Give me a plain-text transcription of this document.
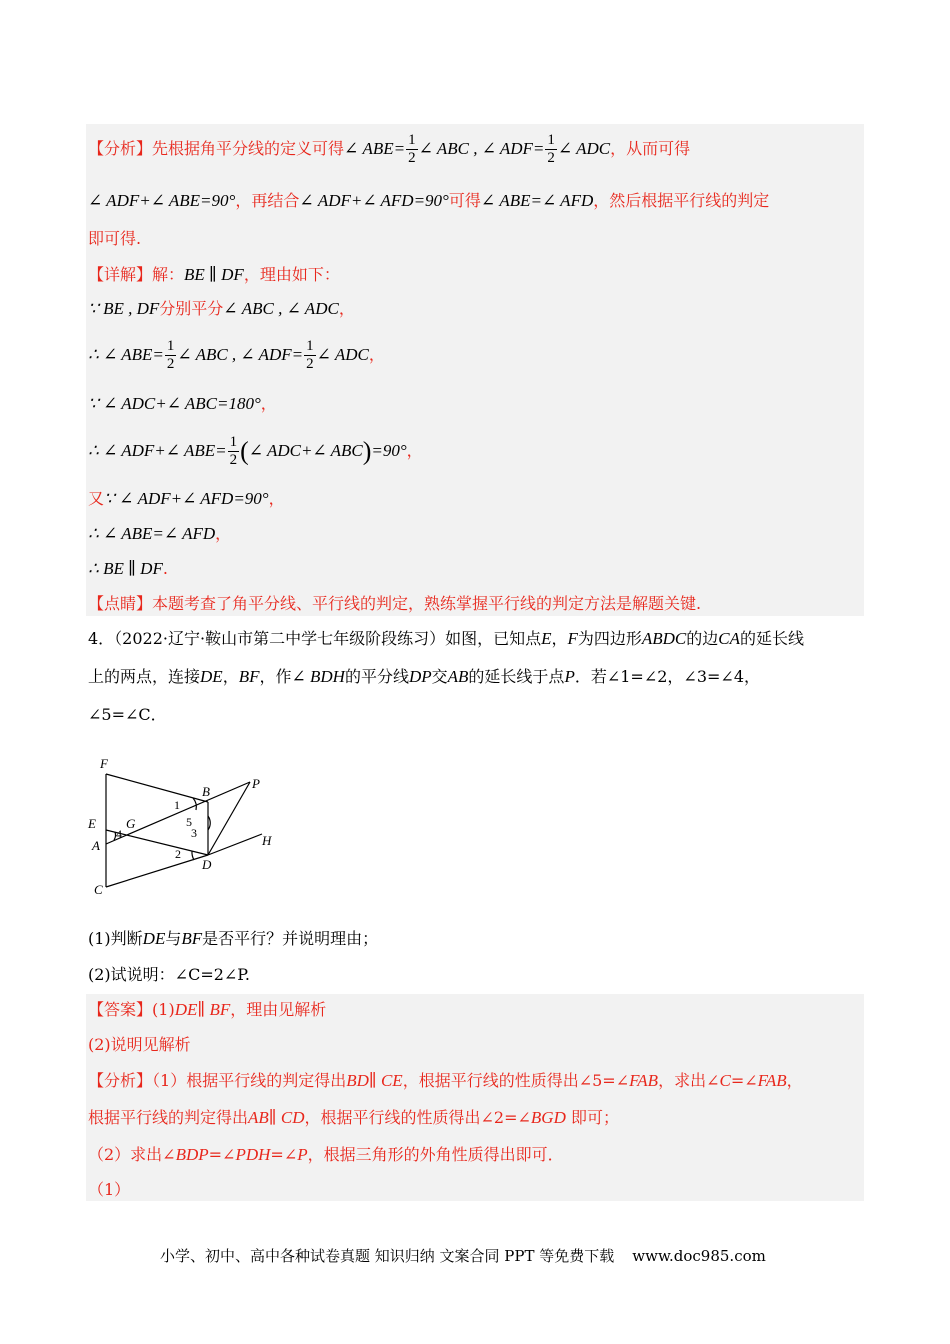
【分析】先根据角平分线的定义可得∠ $ABE= \frac{1}{2}$ ∠ ABC , ∠ $ADF= \frac{1}{2}$ ∠ ADC，从而可得
∠ ADF+∠ ABE=90°，再结合∠ ADF+∠ AFD=90°可得∠ ABE=∠ AFD，然后根据平行线的判定
即可得.
【详解】解：BE ∥ DF，理由如下：
∵ BE , DF分别平分∠ ABC , ∠ ADC，
∴ ∠ $ABE= \frac{1}{2}$ ∠ ABC , ∠ $ADF= \frac{1}{2}$ ∠ ADC，
∵ ∠ ADC+∠ ABC=180°，
∴ ∠ ADF+∠ $ABE= \frac{1}{2}$ (∠ ADC+∠ ABC)=90°，
又∵ ∠ ADF+∠ AFD=90°，
∴ ∠ ABE=∠ AFD，
∴ BE ∥ DF.
【点睛】本题考查了角平分线、平行线的判定，熟练掌握平行线的判定方法是解题关键.
4．（2022·辽宁·鞍山市第二中学七年级阶段练习）如图，已知点E，F为四边形ABDC的边CA的延长线
上的两点，连接DE，BF，作∠ BDH的平分线DP交AB的延长线于点P．若∠1=∠2，∠3=∠4，
∠5=∠C．
F
B
P
E G
A
D
H
C
1
2
3
4
5
(1)判断DE与BF是否平行？并说明理由；
(2)试说明：∠C=2∠P.
【答案】(1)DE∥ BF，理由见解析
(2)说明见解析
【分析】（1）根据平行线的判定得出BD∥ CE，根据平行线的性质得出∠5=∠FAB，求出∠C=∠FAB，
根据平行线的判定得出AB∥ CD，根据平行线的性质得出∠2=∠BGD 即可；
（2）求出∠BDP=∠PDH=∠P，根据三角形的外角性质得出即可．
（1）
小学、初中、高中各种试卷真题 知识归纳 文案合同 PPT 等免费下载 www.doc985.com
